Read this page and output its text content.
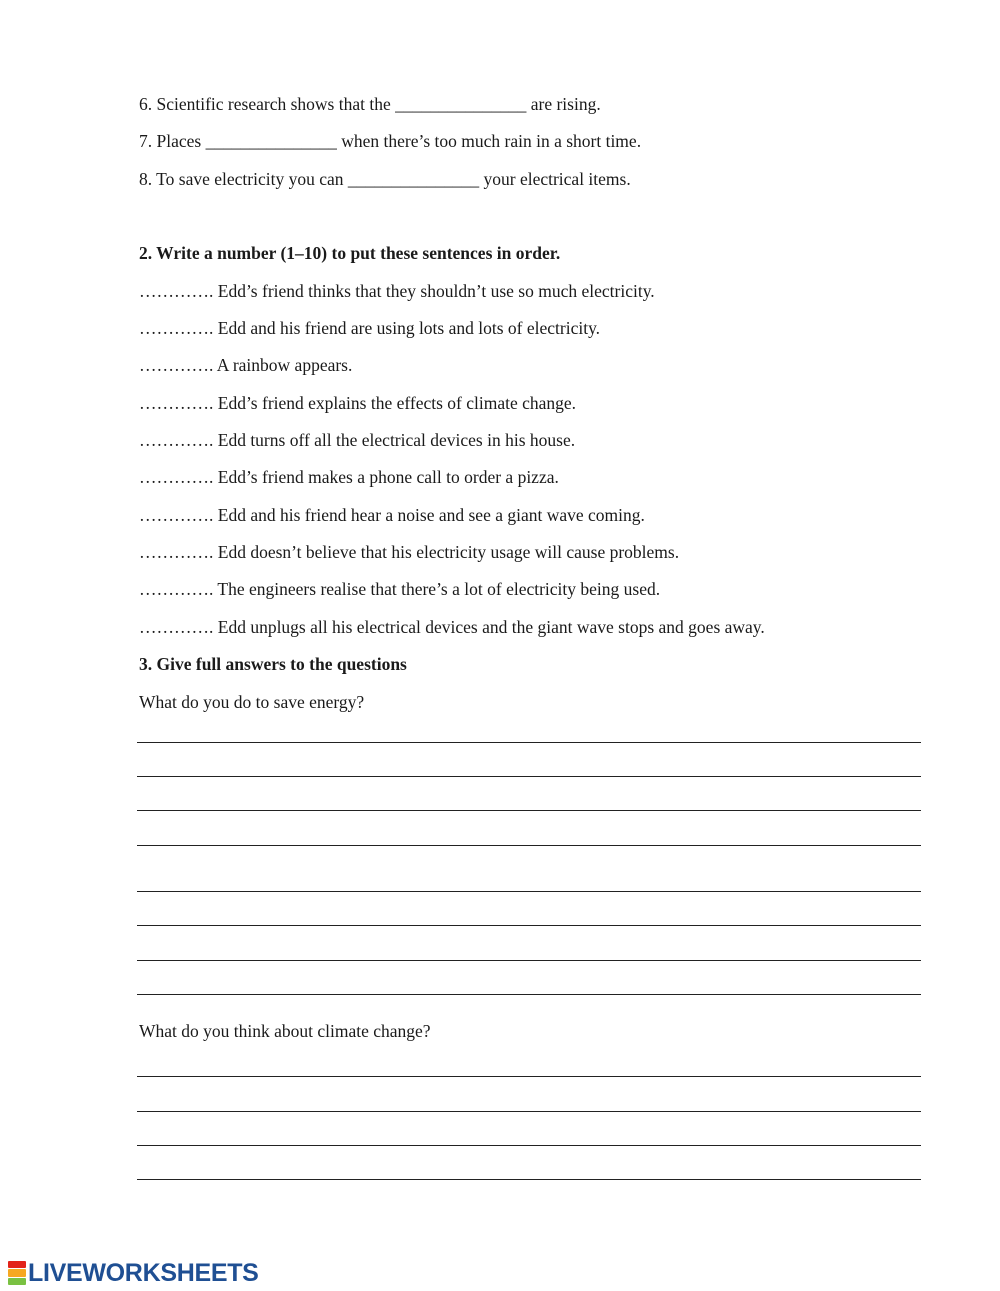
6. Scientific research shows that the _______________ are rising.
7. Places _______________ when there’s too much rain in a short time.
8. To save electricity you can _______________ your electrical items.
2. Write a number (1–10) to put these sentences in order.
…………. Edd’s friend thinks that they shouldn’t use so much electricity.
…………. Edd and his friend are using lots and lots of electricity.
…………. A rainbow appears.
…………. Edd’s friend explains the effects of climate change.
…………. Edd turns off all the electrical devices in his house.
…………. Edd’s friend makes a phone call to order a pizza.
…………. Edd and his friend hear a noise and see a giant wave coming.
…………. Edd doesn’t believe that his electricity usage will cause problems.
…………. The engineers realise that there’s a lot of electricity being used.
…………. Edd unplugs all his electrical devices and the giant wave stops and goes away.
3. Give full answers to the questions
What do you do to save energy?
What do you think about climate change?
LIVEWORKSHEETS
